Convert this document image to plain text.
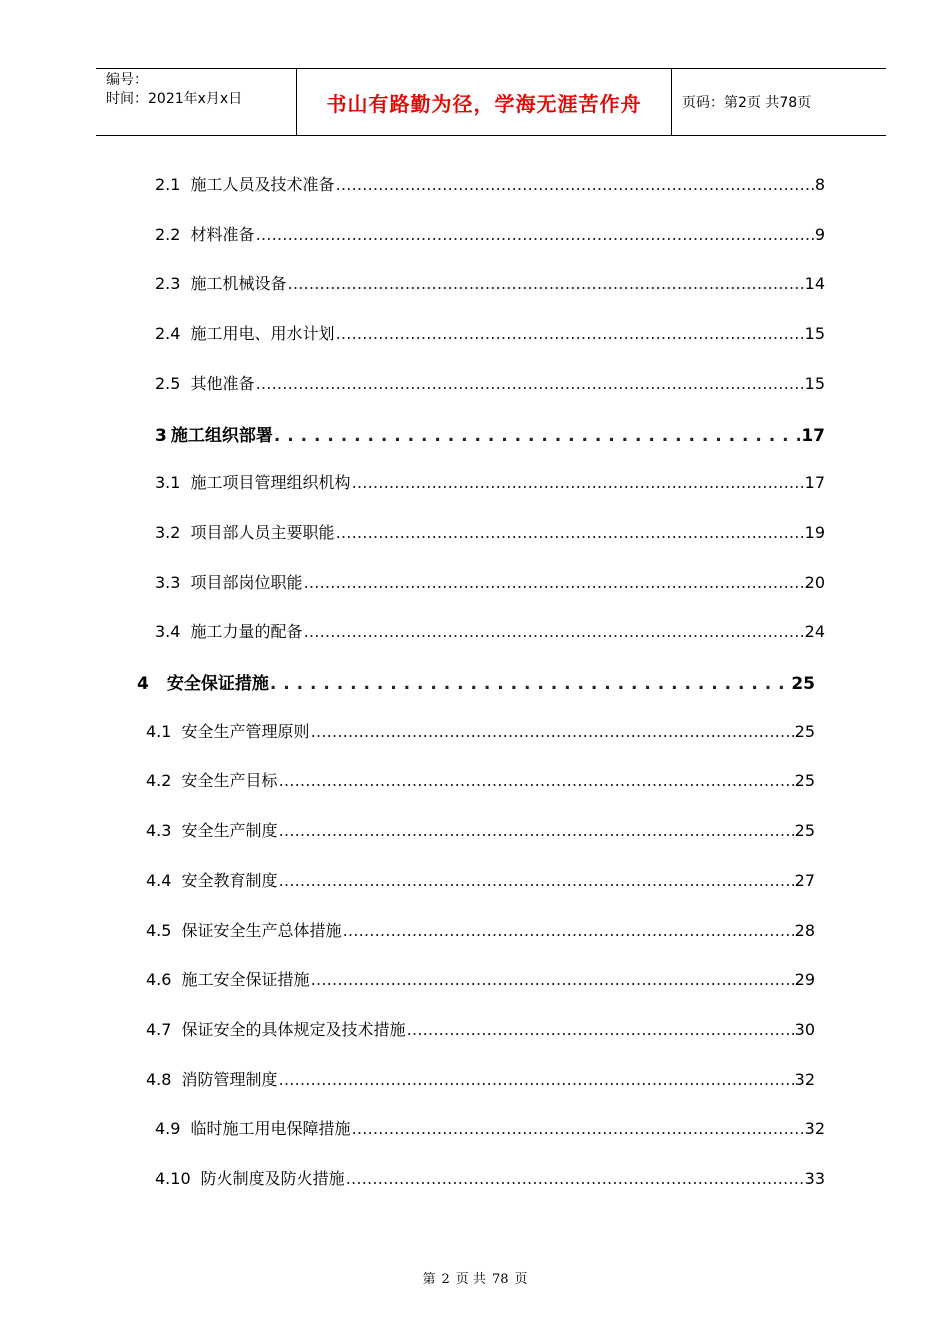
编号：
时间：2021年x月x日	书山有路勤为径，学海无涯苦作舟	页码：第2页 共78页
2.1 施工人员及技术准备 ………………………………………………………………………………………………………………………………………………………	8
2.2 材料准备 ………………………………………………………………………………………………………………………………………………………	9
2.3 施工机械设备 ………………………………………………………………………………………………………………………………………………………	14
2.4 施工用电、用水计划 ………………………………………………………………………………………………………………………………………………………	15
2.5 其他准备 ………………………………………………………………………………………………………………………………………………………	15
3 施工组织部署 . . .	17
3.1 施工项目管理组织机构 ………………………………………………………………………………………………………………………………………………………	17
3.2 项目部人员主要职能 ………………………………………………………………………………………………………………………………………………………	19
3.3 项目部岗位职能 ………………………………………………………………………………………………………………………………………………………	20
3.4 施工力量的配备 ………………………………………………………………………………………………………………………………………………………	24
4 安全保证措施 . . .	25
4.1 安全生产管理原则 ………………………………………………………………………………………………………………………………………………………	25
4.2 安全生产目标 ………………………………………………………………………………………………………………………………………………………	25
4.3 安全生产制度 ………………………………………………………………………………………………………………………………………………………	25
4.4 安全教育制度 ………………………………………………………………………………………………………………………………………………………	27
4.5 保证安全生产总体措施 ………………………………………………………………………………………………………………………………………………………	28
4.6 施工安全保证措施 ………………………………………………………………………………………………………………………………………………………	29
4.7 保证安全的具体规定及技术措施 ………………………………………………………………………………………………………………………………………………………	30
4.8 消防管理制度 ………………………………………………………………………………………………………………………………………………………	32
4.9 临时施工用电保障措施 ………………………………………………………………………………………………………………………………………………………	32
4.10 防火制度及防火措施 ………………………………………………………………………………………………………………………………………………………	33
第 2 页 共 78 页
